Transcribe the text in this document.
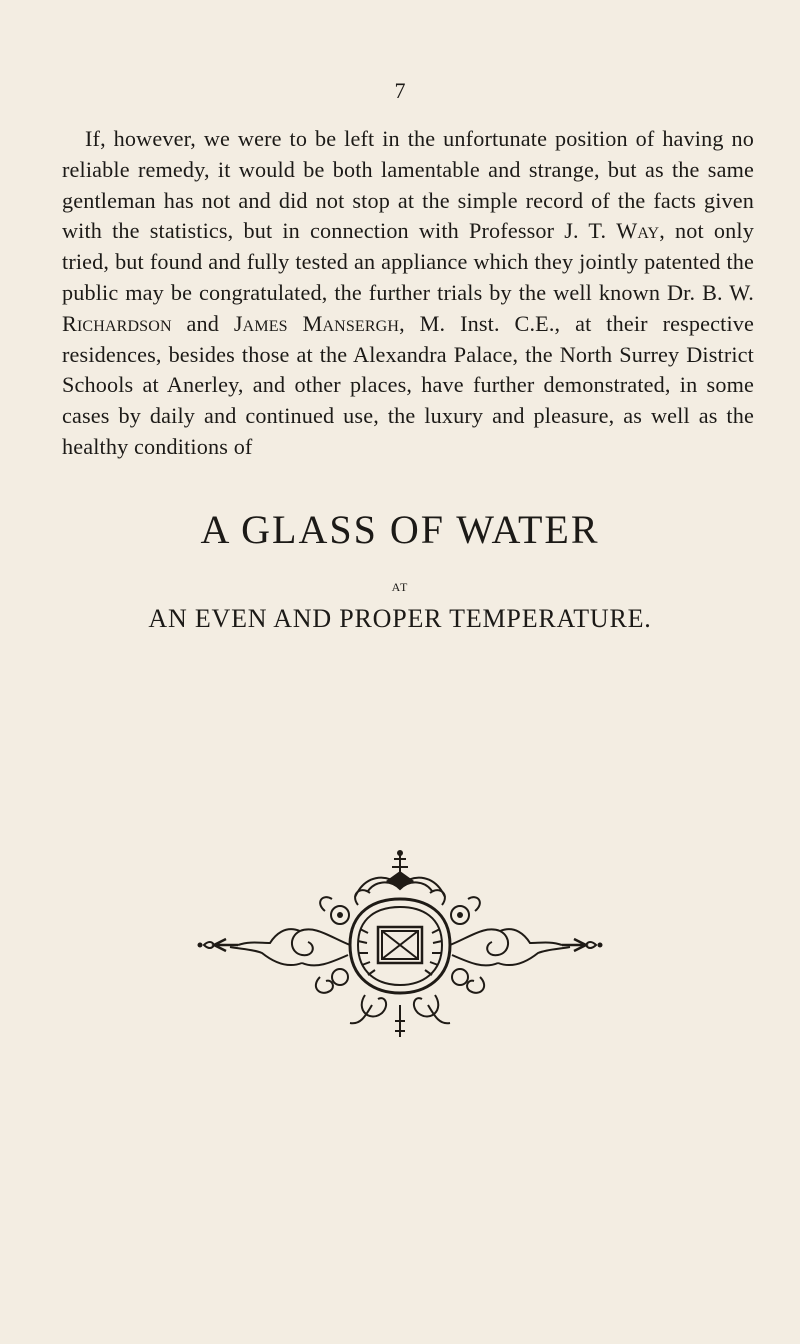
7

If, however, we were to be left in the unfortunate position of having no reliable remedy, it would be both lamentable and strange, but as the same gentleman has not and did not stop at the simple record of the facts given with the statistics, but in connection with Professor J. T. Way, not only tried, but found and fully tested an appliance which they jointly patented the public may be congratulated, the further trials by the well known Dr. B. W. Richardson and James Mansergh, M. Inst. C.E., at their respective residences, besides those at the Alexandra Palace, the North Surrey District Schools at Anerley, and other places, have further demonstrated, in some cases by daily and continued use, the luxury and pleasure, as well as the healthy conditions of

A GLASS OF WATER
AT
AN EVEN AND PROPER TEMPERATURE.
